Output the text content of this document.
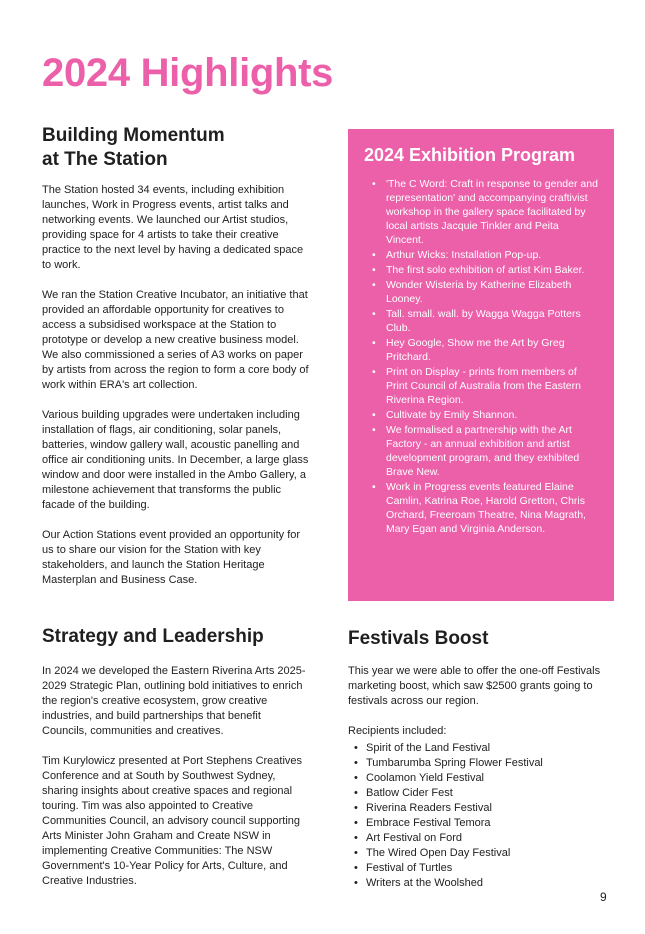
2024 Highlights
Building Momentum
at The Station

The Station hosted 34 events, including exhibition launches, Work in Progress events, artist talks and networking events. We launched our Artist studios, providing space for 4 artists to take their creative practice to the next level by having a dedicated space to work.

We ran the Station Creative Incubator, an initiative that provided an affordable opportunity for creatives to access a subsidised workspace at the Station to prototype or develop a new creative business model. We also commissioned a series of A3 works on paper by artists from across the region to form a core body of work within ERA's art collection.

Various building upgrades were undertaken including installation of flags, air conditioning, solar panels, batteries, window gallery wall, acoustic panelling and office air conditioning units. In December, a large glass window and door were installed in the Ambo Gallery, a milestone achievement that transforms the public facade of the building.

Our Action Stations event provided an opportunity for us to share our vision for the Station with key stakeholders, and launch the Station Heritage Masterplan and Business Case.

2024 Exhibition Program
• 'The C Word: Craft in response to gender and representation' and accompanying craftivist workshop in the gallery space facilitated by local artists Jacquie Tinkler and Peita Vincent.
• Arthur Wicks: Installation Pop-up.
• The first solo exhibition of artist Kim Baker.
• Wonder Wisteria by Katherine Elizabeth Looney.
• Tall. small. wall. by Wagga Wagga Potters Club.
• Hey Google, Show me the Art by Greg Pritchard.
• Print on Display - prints from members of Print Council of Australia from the Eastern Riverina Region.
• Cultivate by Emily Shannon.
• We formalised a partnership with the Art Factory - an annual exhibition and artist development program, and they exhibited Brave New.
• Work in Progress events featured Elaine Camlin, Katrina Roe, Harold Gretton, Chris Orchard, Freeroam Theatre, Nina Magrath, Mary Egan and Virginia Anderson.
Strategy and Leadership

In 2024 we developed the Eastern Riverina Arts 2025-2029 Strategic Plan, outlining bold initiatives to enrich the region's creative ecosystem, grow creative industries, and build partnerships that benefit Councils, communities and creatives.

Tim Kurylowicz presented at Port Stephens Creatives Conference and at South by Southwest Sydney, sharing insights about creative spaces and regional touring. Tim was also appointed to Creative Communities Council, an advisory council supporting Arts Minister John Graham and Create NSW in implementing Creative Communities: The NSW Government's 10-Year Policy for Arts, Culture, and Creative Industries.

Festivals Boost

This year we were able to offer the one-off Festivals marketing boost, which saw $2500 grants going to festivals across our region.

Recipients included:

• Spirit of the Land Festival
• Tumbarumba Spring Flower Festival
• Coolamon Yield Festival
• Batlow Cider Fest
• Riverina Readers Festival
• Embrace Festival Temora
• Art Festival on Ford
• The Wired Open Day Festival
• Festival of Turtles
• Writers at the Woolshed
9
